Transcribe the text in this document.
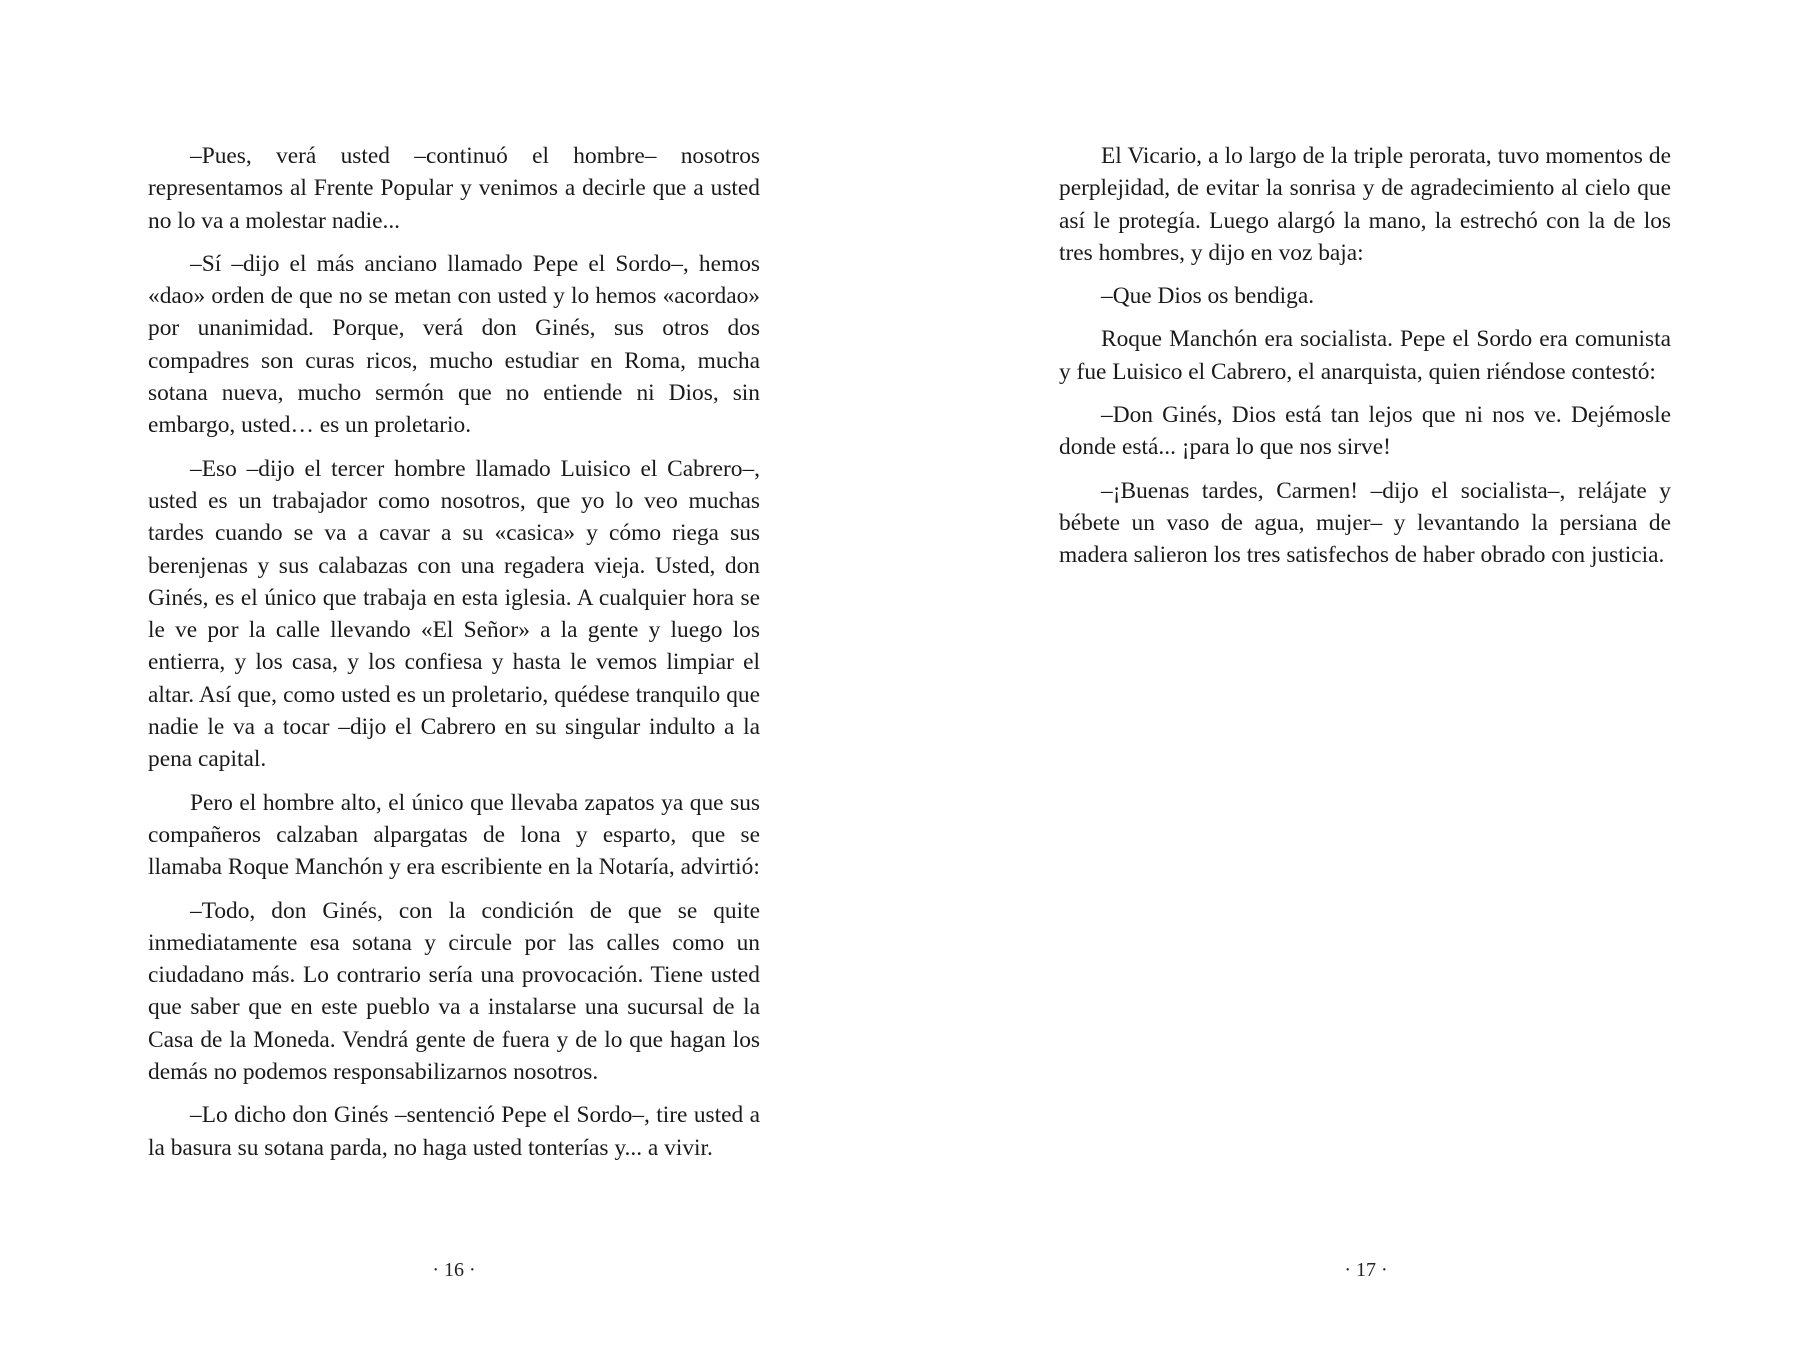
–Pues, verá usted –continuó el hombre– nosotros representamos al Frente Popular y venimos a decirle que a usted no lo va a molestar nadie...

–Sí –dijo el más anciano llamado Pepe el Sordo–, hemos «dao» orden de que no se metan con usted y lo hemos «acordao» por unanimidad. Porque, verá don Ginés, sus otros dos compadres son curas ricos, mucho estudiar en Roma, mucha sotana nueva, mucho sermón que no entiende ni Dios, sin embargo, usted… es un proletario.

–Eso –dijo el tercer hombre llamado Luisico el Cabrero–, usted es un trabajador como nosotros, que yo lo veo muchas tardes cuando se va a cavar a su «casica» y cómo riega sus berenjenas y sus calabazas con una regadera vieja. Usted, don Ginés, es el único que trabaja en esta iglesia. A cualquier hora se le ve por la calle llevando «El Señor» a la gente y luego los entierra, y los casa, y los confiesa y hasta le vemos limpiar el altar. Así que, como usted es un proletario, quédese tranquilo que nadie le va a tocar –dijo el Cabrero en su singular indulto a la pena capital.

Pero el hombre alto, el único que llevaba zapatos ya que sus compañeros calzaban alpargatas de lona y esparto, que se llamaba Roque Manchón y era escribiente en la Notaría, advirtió:

–Todo, don Ginés, con la condición de que se quite inmediatamente esa sotana y circule por las calles como un ciudadano más. Lo contrario sería una provocación. Tiene usted que saber que en este pueblo va a instalarse una sucursal de la Casa de la Moneda. Vendrá gente de fuera y de lo que hagan los demás no podemos responsabilizarnos nosotros.

–Lo dicho don Ginés –sentenció Pepe el Sordo–, tire usted a la basura su sotana parda, no haga usted tonterías y... a vivir.

· 16 ·

El Vicario, a lo largo de la triple perorata, tuvo momentos de perplejidad, de evitar la sonrisa y de agradecimiento al cielo que así le protegía. Luego alargó la mano, la estrechó con la de los tres hombres, y dijo en voz baja:

–Que Dios os bendiga.

Roque Manchón era socialista. Pepe el Sordo era comunista y fue Luisico el Cabrero, el anarquista, quien riéndose contestó:

–Don Ginés, Dios está tan lejos que ni nos ve. Dejémosle donde está... ¡para lo que nos sirve!

–¡Buenas tardes, Carmen! –dijo el socialista–, relájate y bébete un vaso de agua, mujer– y levantando la persiana de madera salieron los tres satisfechos de haber obrado con justicia.

· 17 ·
